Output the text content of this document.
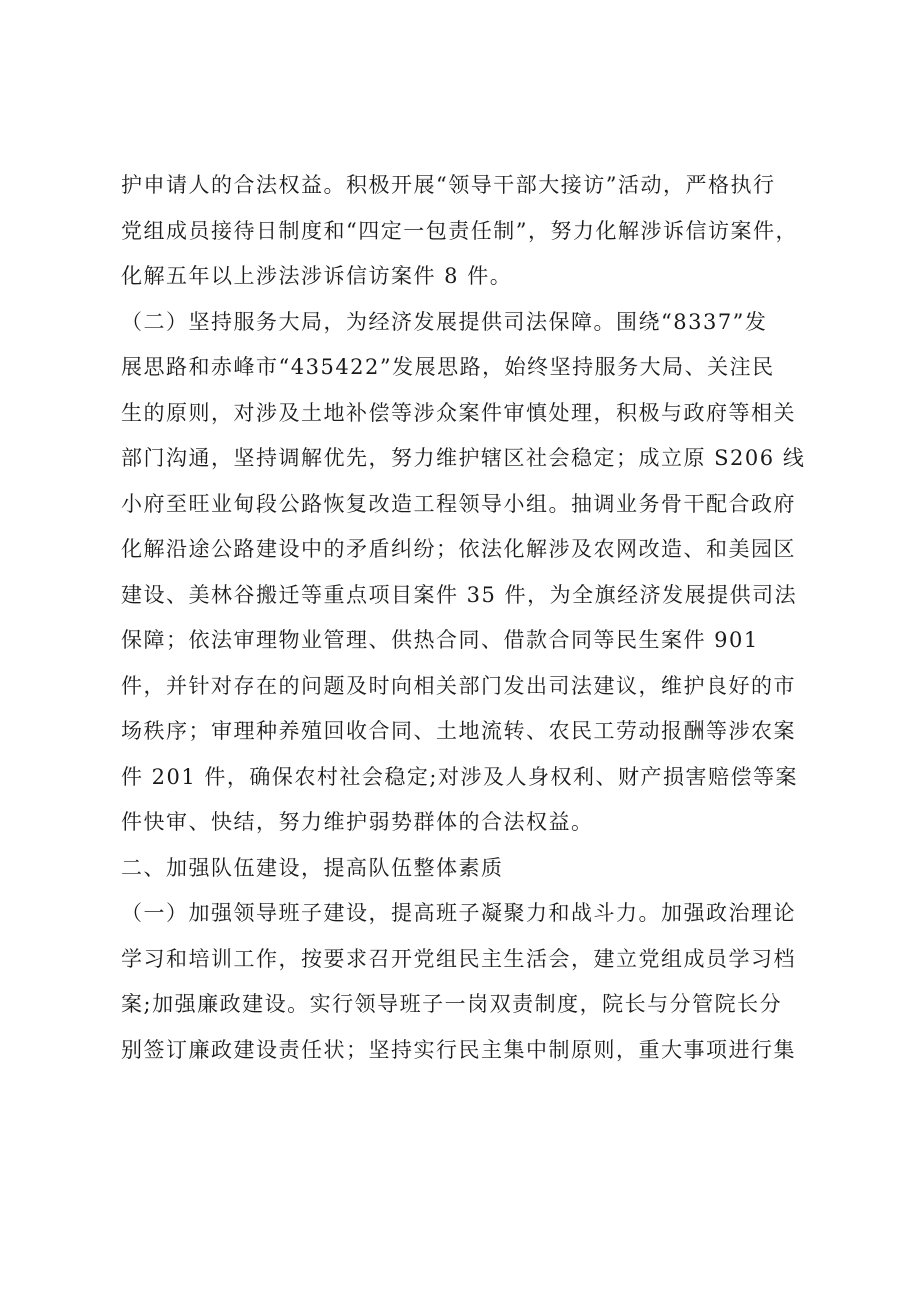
护申请人的合法权益。积极开展“领导干部大接访”活动，严格执行
党组成员接待日制度和“四定一包责任制”，努力化解涉诉信访案件，
化解五年以上涉法涉诉信访案件 8 件。
（二）坚持服务大局，为经济发展提供司法保障。围绕“8337”发
展思路和赤峰市“435422”发展思路，始终坚持服务大局、关注民
生的原则，对涉及土地补偿等涉众案件审慎处理，积极与政府等相关
部门沟通，坚持调解优先，努力维护辖区社会稳定；成立原 S206 线
小府至旺业甸段公路恢复改造工程领导小组。抽调业务骨干配合政府
化解沿途公路建设中的矛盾纠纷；依法化解涉及农网改造、和美园区
建设、美林谷搬迁等重点项目案件 35 件，为全旗经济发展提供司法
保障；依法审理物业管理、供热合同、借款合同等民生案件 901
件，并针对存在的问题及时向相关部门发出司法建议，维护良好的市
场秩序；审理种养殖回收合同、土地流转、农民工劳动报酬等涉农案
件 201 件，确保农村社会稳定;对涉及人身权利、财产损害赔偿等案
件快审、快结，努力维护弱势群体的合法权益。
二、加强队伍建设，提高队伍整体素质
（一）加强领导班子建设，提高班子凝聚力和战斗力。加强政治理论
学习和培训工作，按要求召开党组民主生活会，建立党组成员学习档
案;加强廉政建设。实行领导班子一岗双责制度，院长与分管院长分
别签订廉政建设责任状；坚持实行民主集中制原则，重大事项进行集
